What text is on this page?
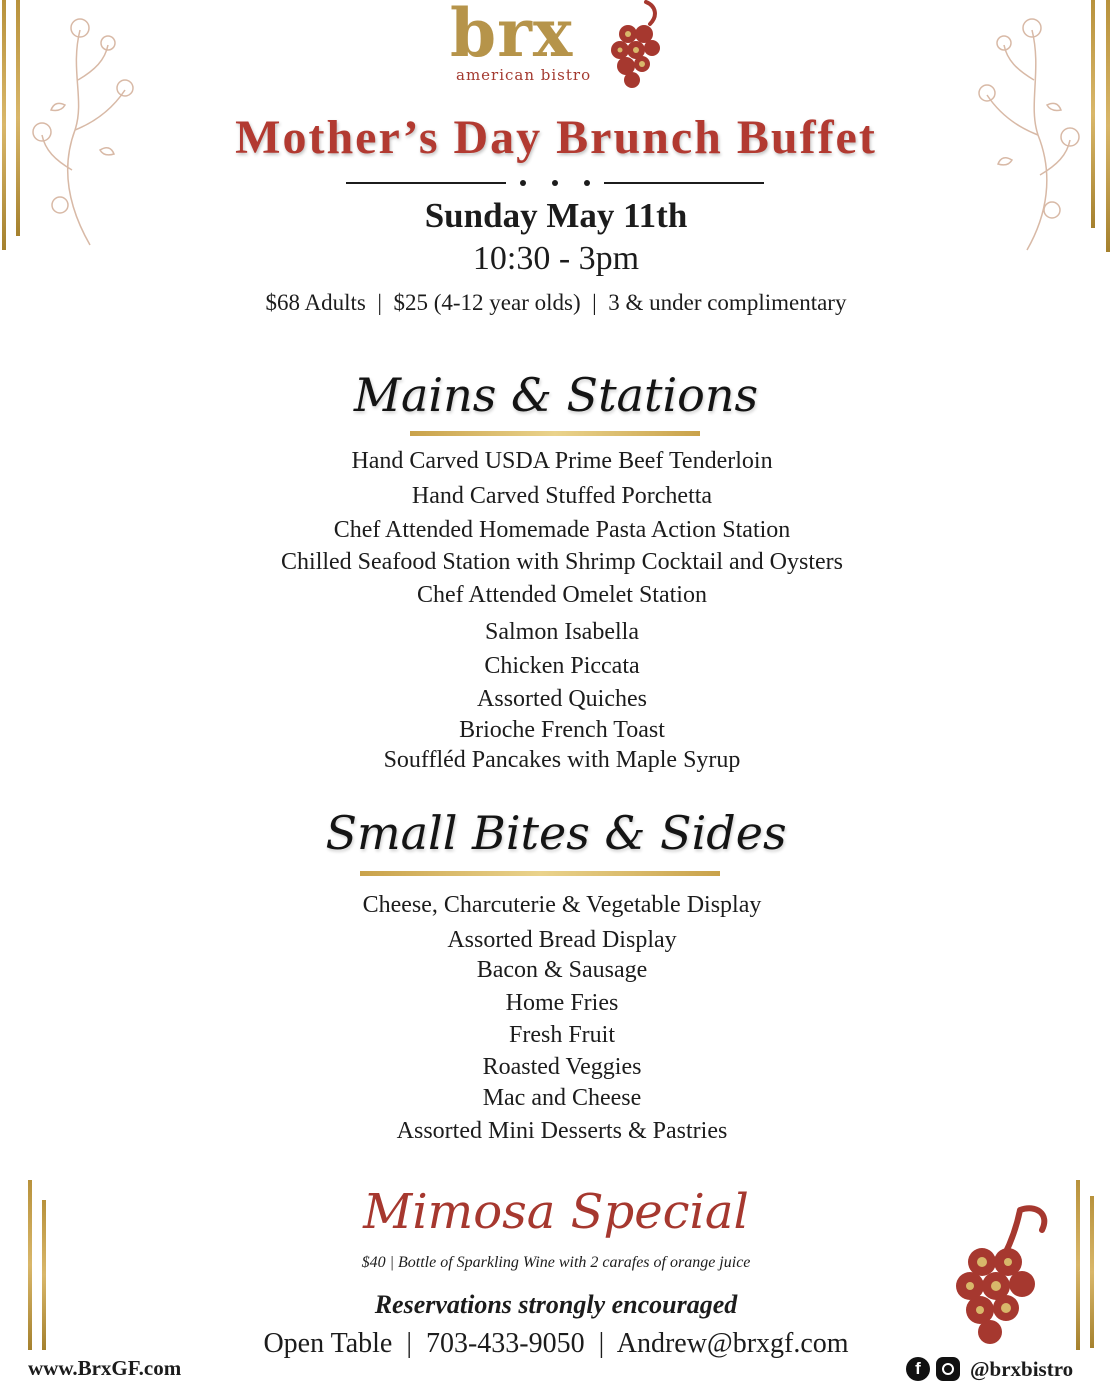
brx
american bistro
Mother’s Day Brunch Buffet
Sunday May 11th
10:30 - 3pm
$68 Adults | $25 (4-12 year olds) | 3 & under complimentary
Mains & Stations
Hand Carved USDA Prime Beef Tenderloin
Hand Carved Stuffed Porchetta
Chef Attended Homemade Pasta Action Station
Chilled Seafood Station with Shrimp Cocktail and Oysters
Chef Attended Omelet Station
Salmon Isabella
Chicken Piccata
Assorted Quiches
Brioche French Toast
Souffléd Pancakes with Maple Syrup
Small Bites & Sides
Cheese, Charcuterie & Vegetable Display
Assorted Bread Display
Bacon & Sausage
Home Fries
Fresh Fruit
Roasted Veggies
Mac and Cheese
Assorted Mini Desserts & Pastries
Mimosa Special
$40 | Bottle of Sparkling Wine with 2 carafes of orange juice
Reservations strongly encouraged
Open Table | 703-433-9050 | Andrew@brxgf.com
www.BrxGF.com	f	@brxbistro
